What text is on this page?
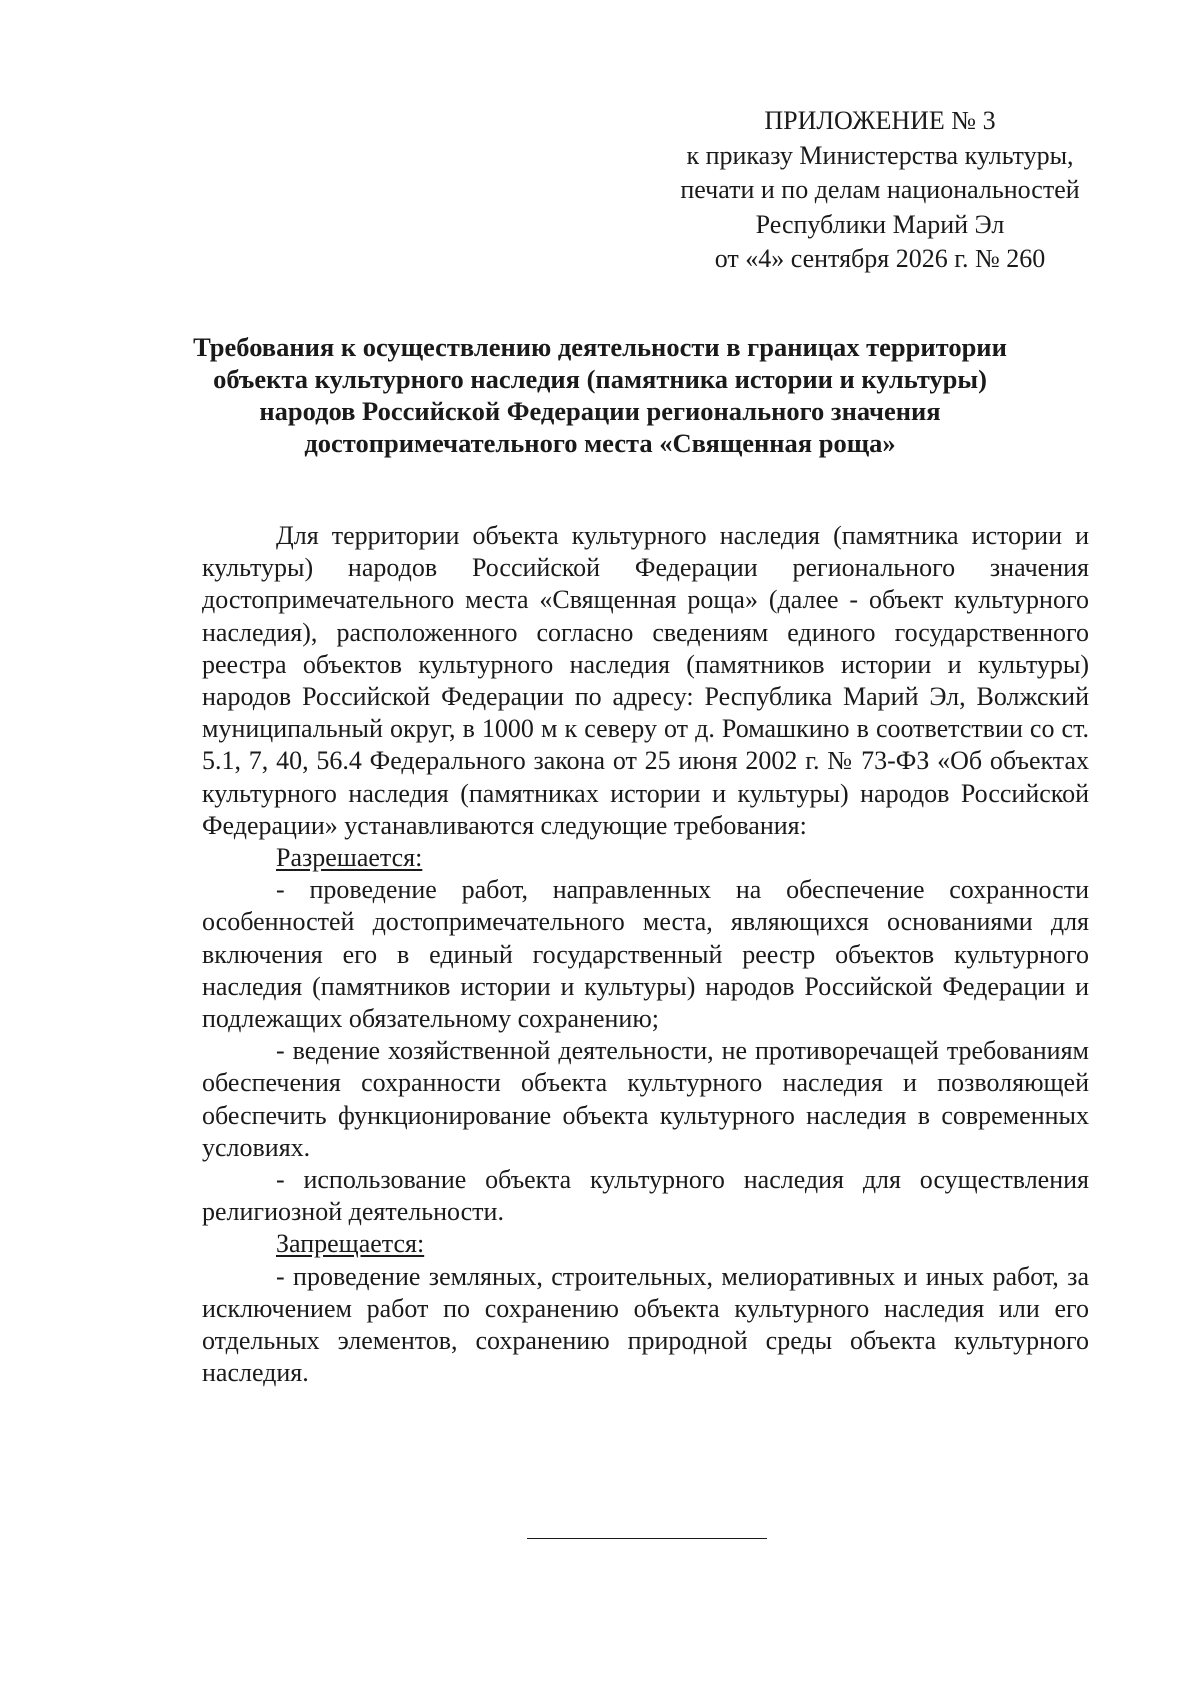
ПРИЛОЖЕНИЕ № 3
к приказу Министерства культуры,
печати и по делам национальностей
Республики Марий Эл
от «4» сентября 2026 г. № 260
Требования к осуществлению деятельности в границах территории
объекта культурного наследия (памятника истории и культуры)
народов Российской Федерации регионального значения
достопримечательного места «Священная роща»

Для территории объекта культурного наследия (памятника истории и культуры) народов Российской Федерации регионального значения достопримечательного места «Священная роща» (далее - объект культурного наследия), расположенного согласно сведениям единого государственного реестра объектов культурного наследия (памятников истории и культуры) народов Российской Федерации по адресу: Республика Марий Эл, Волжский муниципальный округ, в 1000 м к северу от д. Ромашкино в соответствии со ст. 5.1, 7, 40, 56.4 Федерального закона от 25 июня 2002 г. № 73-ФЗ «Об объектах культурного наследия (памятниках истории и культуры) народов Российской Федерации» устанавливаются следующие требования:

Разрешается:

- проведение работ, направленных на обеспечение сохранности особенностей достопримечательного места, являющихся основаниями для включения его в единый государственный реестр объектов культурного наследия (памятников истории и культуры) народов Российской Федерации и подлежащих обязательному сохранению;

- ведение хозяйственной деятельности, не противоречащей требованиям обеспечения сохранности объекта культурного наследия и позволяющей обеспечить функционирование объекта культурного наследия в современных условиях.

- использование объекта культурного наследия для осуществления религиозной деятельности.

Запрещается:

- проведение земляных, строительных, мелиоративных и иных работ, за исключением работ по сохранению объекта культурного наследия или его отдельных элементов, сохранению природной среды объекта культурного наследия.
